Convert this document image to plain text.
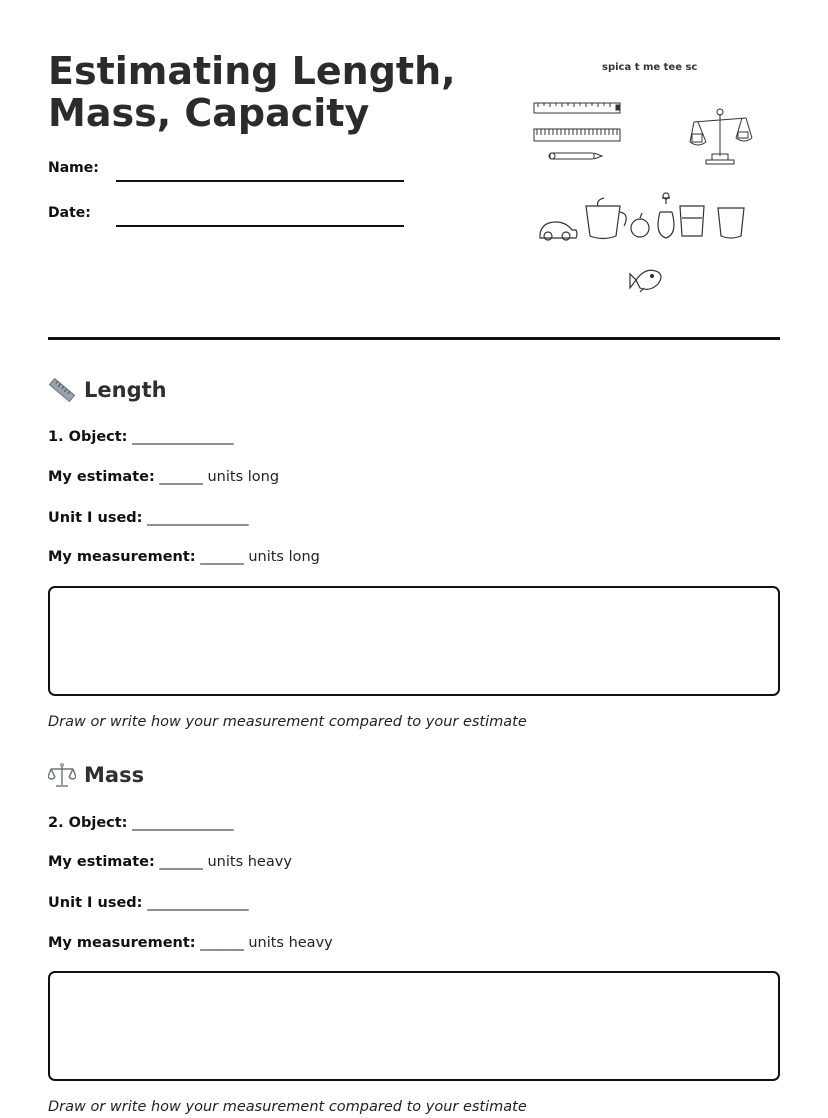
Estimating Length,
Mass, Capacity
Name:
Date:
spica t me tee sc
Length
1. Object: ______________
My estimate: ______ units long
Unit I used: ______________
My measurement: ______ units long
Draw or write how your measurement compared to your estimate
Mass
2. Object: ______________
My estimate: ______ units heavy
Unit I used: ______________
My measurement: ______ units heavy
Draw or write how your measurement compared to your estimate
